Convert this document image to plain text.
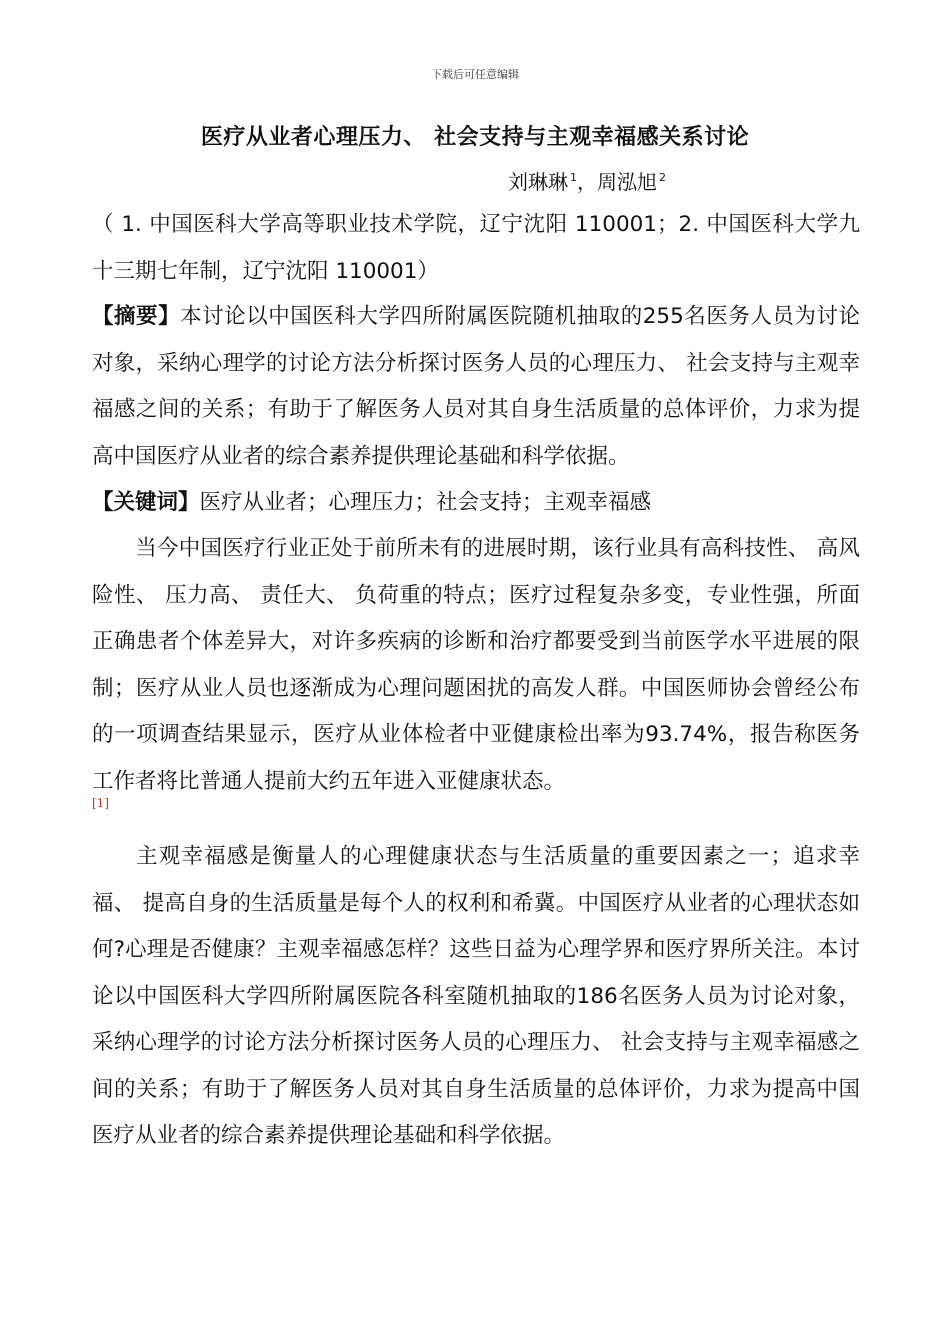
下载后可任意编辑
医疗从业者心理压力、 社会支持与主观幸福感关系讨论
刘琳琳 $^1$，周泓旭 $^2$
（ 1. 中国医科大学高等职业技术学院，辽宁沈阳 110001；2. 中国医科大学九十三期七年制，辽宁沈阳 110001）
【摘要】本讨论以中国医科大学四所附属医院随机抽取的255名医务人员为讨论对象，采纳心理学的讨论方法分析探讨医务人员的心理压力、 社会支持与主观幸福感之间的关系；有助于了解医务人员对其自身生活质量的总体评价，力求为提高中国医疗从业者的综合素养提供理论基础和科学依据。
【关键词】医疗从业者；心理压力；社会支持；主观幸福感
当今中国医疗行业正处于前所未有的进展时期，该行业具有高科技性、 高风险性、 压力高、 责任大、 负荷重的特点；医疗过程复杂多变，专业性强，所面正确患者个体差异大，对许多疾病的诊断和治疗都要受到当前医学水平进展的限制；医疗从业人员也逐渐成为心理问题困扰的高发人群。中国医师协会曾经公布的一项调查结果显示，医疗从业体检者中亚健康检出率为93.74%，报告称医务工作者将比普通人提前大约五年进入亚健康状态。
[1]
主观幸福感是衡量人的心理健康状态与生活质量的重要因素之一；追求幸福、 提高自身的生活质量是每个人的权利和希冀。中国医疗从业者的心理状态如何?心理是否健康？主观幸福感怎样？这些日益为心理学界和医疗界所关注。本讨论以中国医科大学四所附属医院各科室随机抽取的186名医务人员为讨论对象，采纳心理学的讨论方法分析探讨医务人员的心理压力、 社会支持与主观幸福感之间的关系；有助于了解医务人员对其自身生活质量的总体评价，力求为提高中国医疗从业者的综合素养提供理论基础和科学依据。
